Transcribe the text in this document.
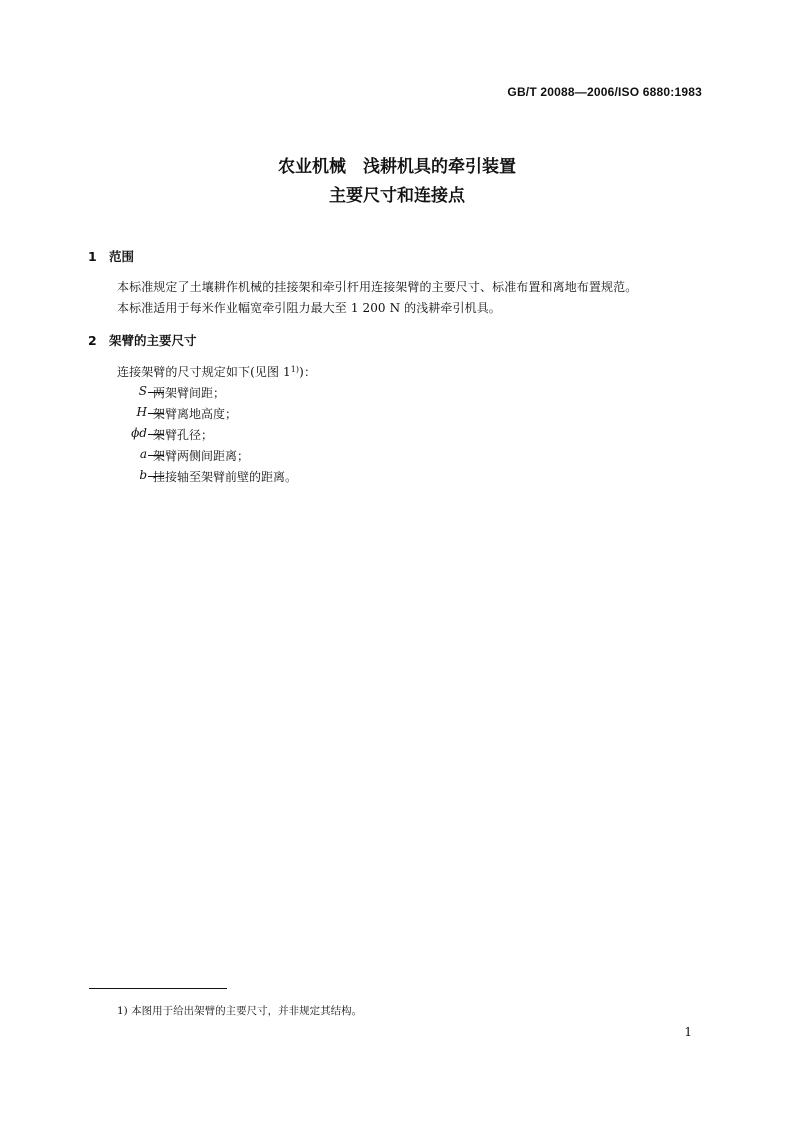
GB/T 20088—2006/ISO 6880:1983
农业机械　浅耕机具的牵引装置
主要尺寸和连接点
1 范围
本标准规定了土壤耕作机械的挂接架和牵引杆用连接架臂的主要尺寸、标准布置和离地布置规范。
本标准适用于每米作业幅宽牵引阻力最大至 1 200 N 的浅耕牵引机具。
2 架臂的主要尺寸
连接架臂的尺寸规定如下(见图 1$^{1)}$)：
S 两架臂间距；
H 架臂离地高度；
ϕd 架臂孔径；
a 架臂两侧间距离；
b 挂接轴至架臂前壁的距离。
1) 本图用于给出架臂的主要尺寸，并非规定其结构。
1
